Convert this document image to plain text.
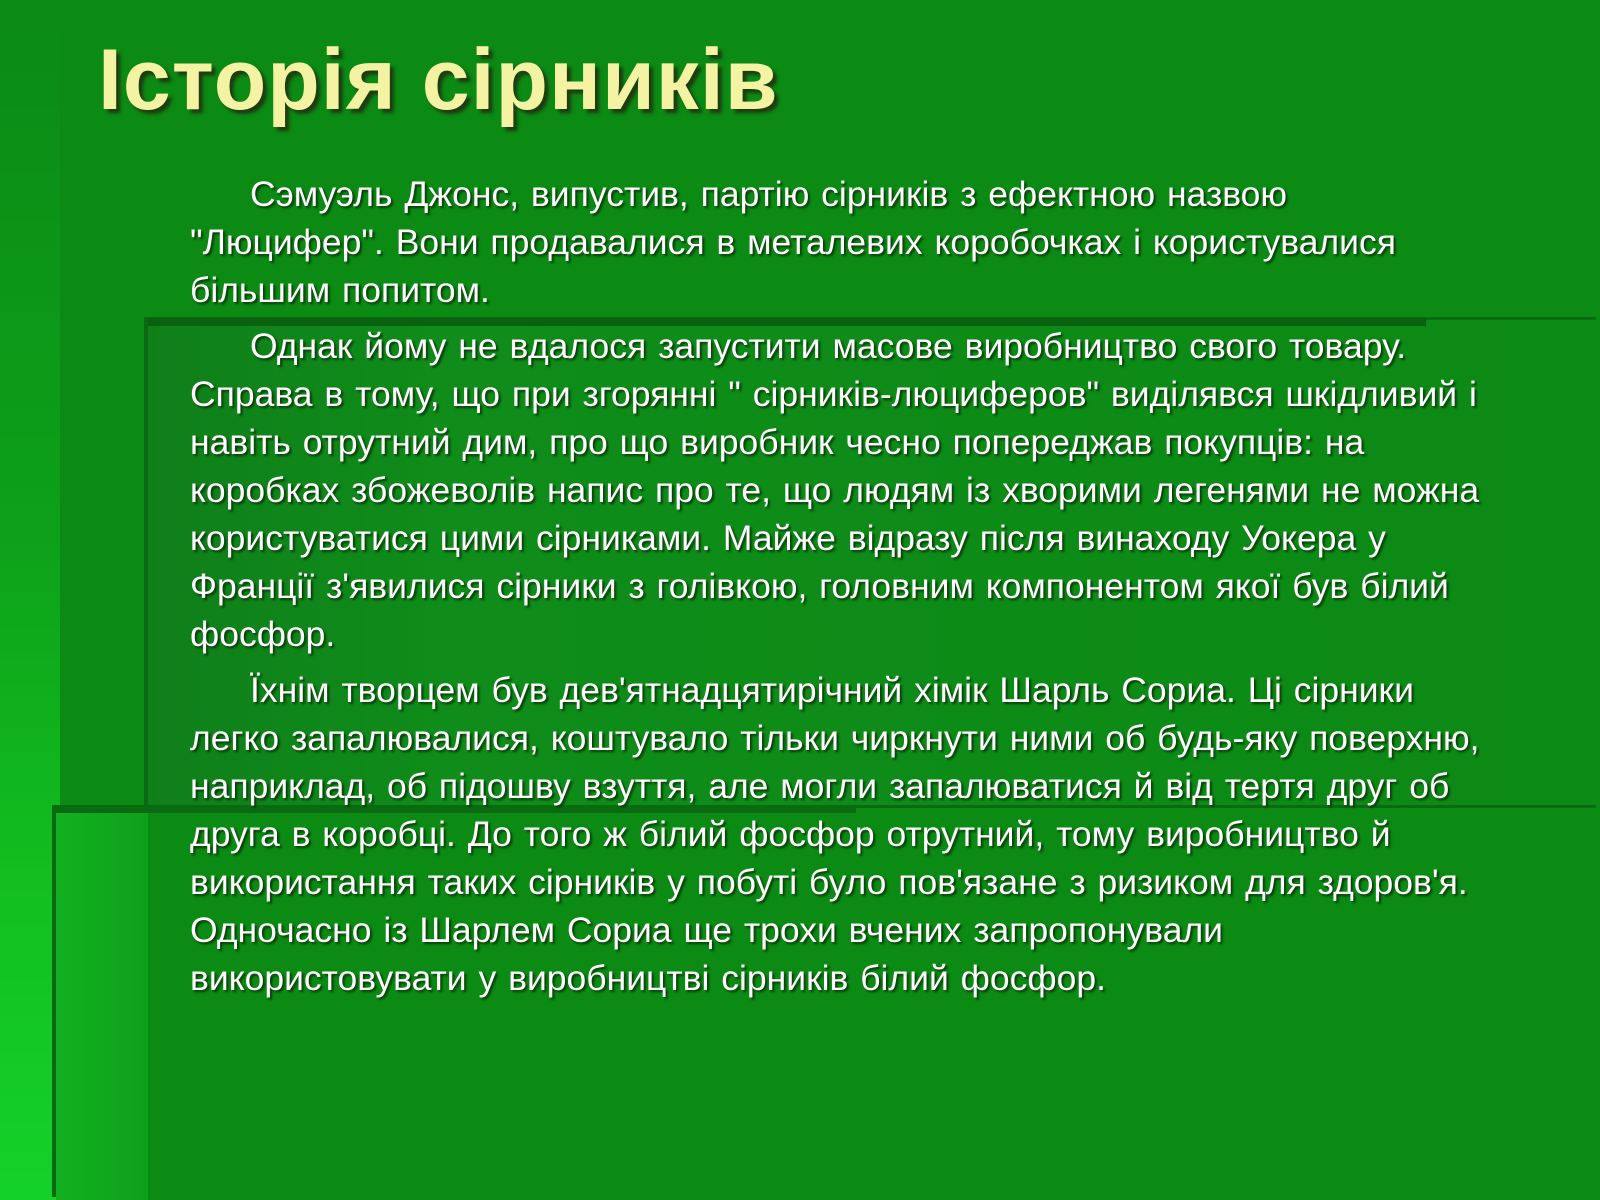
Історія сірників

Сэмуэль Джонс, випустив, партію сірників з ефектною назвою "Люцифер". Вони продавалися в металевих коробочках і користувалися більшим попитом.

Однак йому не вдалося запустити масове виробництво свого товару. Справа в тому, що при згорянні " сірників-люциферов" виділявся шкідливий і навіть отрутний дим, про що виробник чесно попереджав покупців: на коробках збожеволів напис про те, що людям із хворими легенями не можна користуватися цими сірниками. Майже відразу після винаходу Уокера у Франції з'явилися сірники з голівкою, головним компонентом якої був білий фосфор.

Їхнім творцем був дев'ятнадцятирічний хімік Шарль Сориа. Ці сірники легко запалювалися, коштувало тільки чиркнути ними об будь-яку поверхню, наприклад, об підошву взуття, але могли запалюватися й від тертя друг об друга в коробці. До того ж білий фосфор отрутний, тому виробництво й використання таких сірників у побуті було пов'язане з ризиком для здоров'я. Одночасно із Шарлем Сориа ще трохи вчених запропонували використовувати у виробництві сірників білий фосфор.
